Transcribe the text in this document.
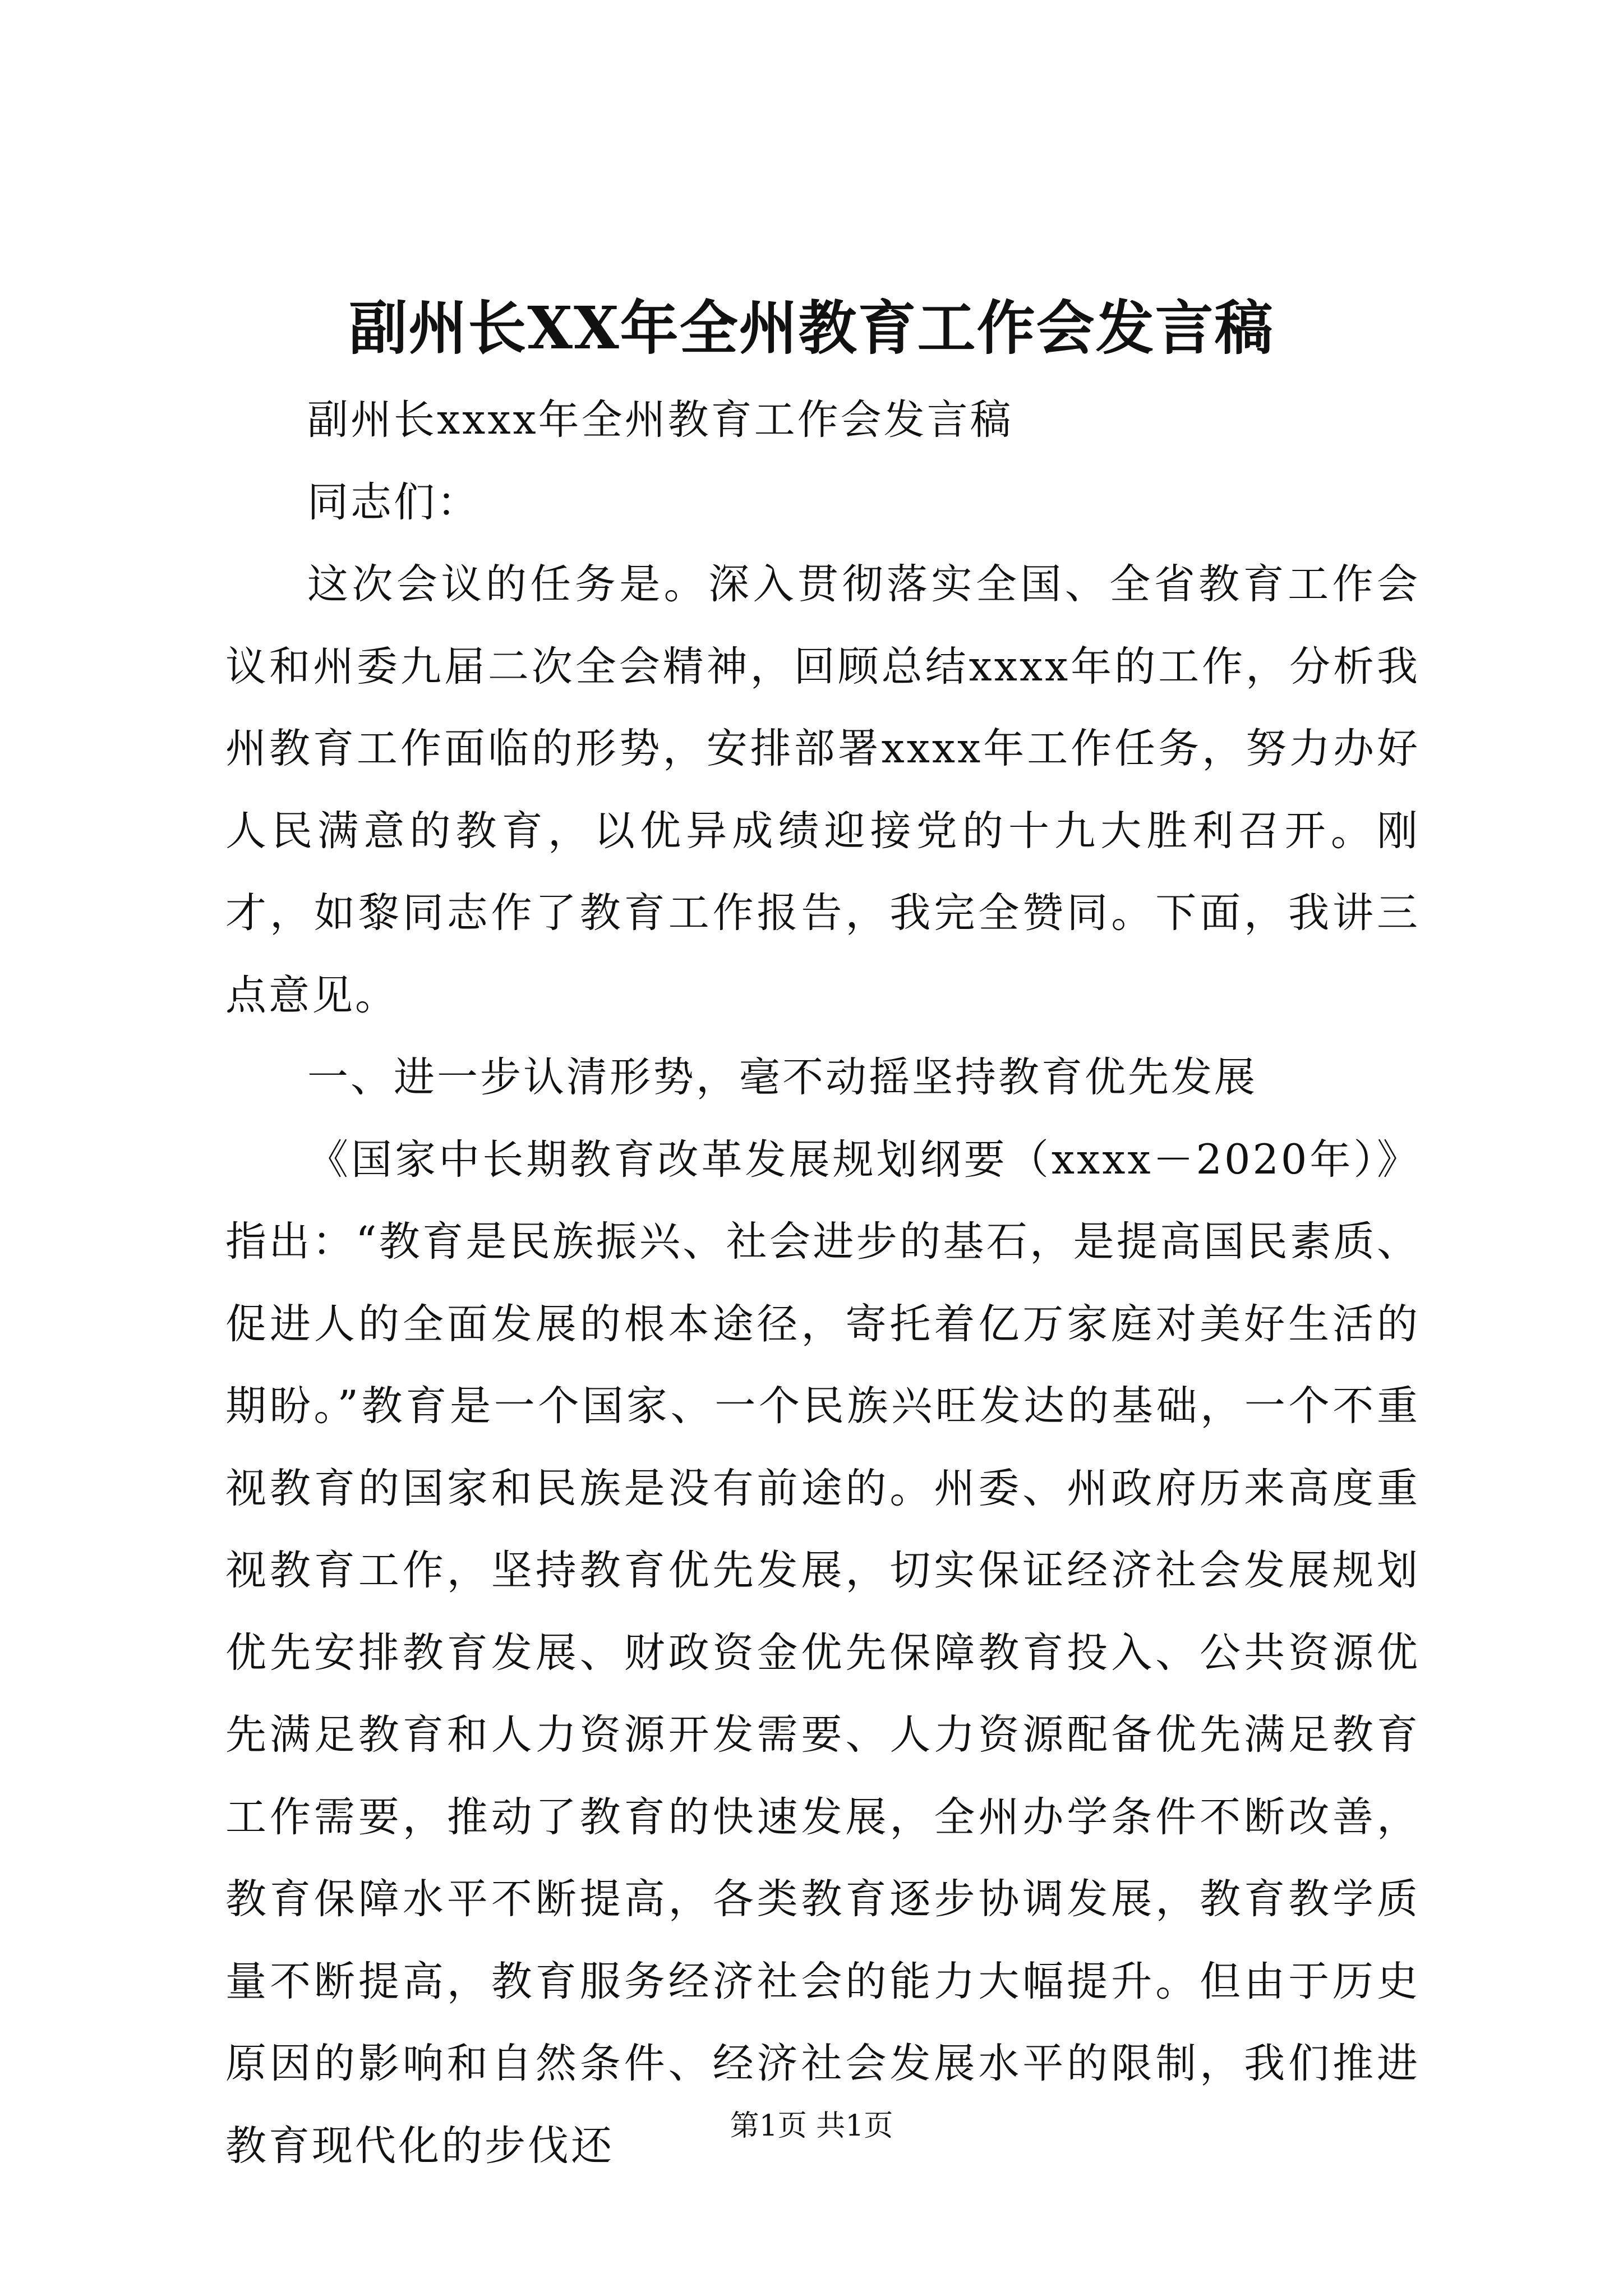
副州长XX年全州教育工作会发言稿

副州长xxxx年全州教育工作会发言稿

同志们：

这次会议的任务是。深入贯彻落实全国、全省教育工作会议和州委九届二次全会精神，回顾总结xxxx年的工作，分析我州教育工作面临的形势，安排部署xxxx年工作任务，努力办好人民满意的教育，以优异成绩迎接党的十九大胜利召开。刚才，如黎同志作了教育工作报告，我完全赞同。下面，我讲三点意见。

一、进一步认清形势，毫不动摇坚持教育优先发展

《国家中长期教育改革发展规划纲要（xxxx－2020年）》指出：“教育是民族振兴、社会进步的基石，是提高国民素质、促进人的全面发展的根本途径，寄托着亿万家庭对美好生活的期盼。”教育是一个国家、一个民族兴旺发达的基础，一个不重视教育的国家和民族是没有前途的。州委、州政府历来高度重视教育工作，坚持教育优先发展，切实保证经济社会发展规划优先安排教育发展、财政资金优先保障教育投入、公共资源优先满足教育和人力资源开发需要、人力资源配备优先满足教育工作需要，推动了教育的快速发展，全州办学条件不断改善，教育保障水平不断提高，各类教育逐步协调发展，教育教学质量不断提高，教育服务经济社会的能力大幅提升。但由于历史原因的影响和自然条件、经济社会发展水平的限制，我们推进教育现代化的步伐还	第1页 共1页
